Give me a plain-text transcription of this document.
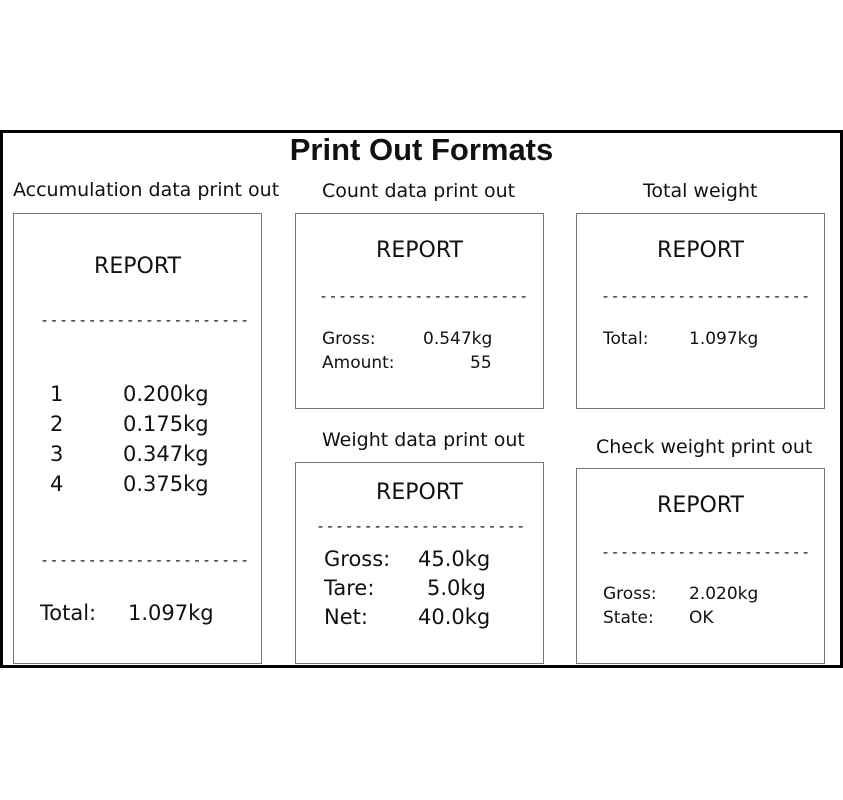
Print Out Formats
Accumulation data print out
REPORT
----------------------
1	0.200kg
2	0.175kg
3	0.347kg
4	0.375kg
----------------------
Total: 1.097kg
Count data print out
REPORT
----------------------
Gross:	0.547kg
Amount:	55
Total weight
REPORT
----------------------
Total: 1.097kg
Weight data print out
REPORT
----------------------
Gross: 45.0kg
Tare:	5.0kg
Net: 40.0kg
Check weight print out
REPORT
----------------------
Gross: 2.020kg
State: OK
